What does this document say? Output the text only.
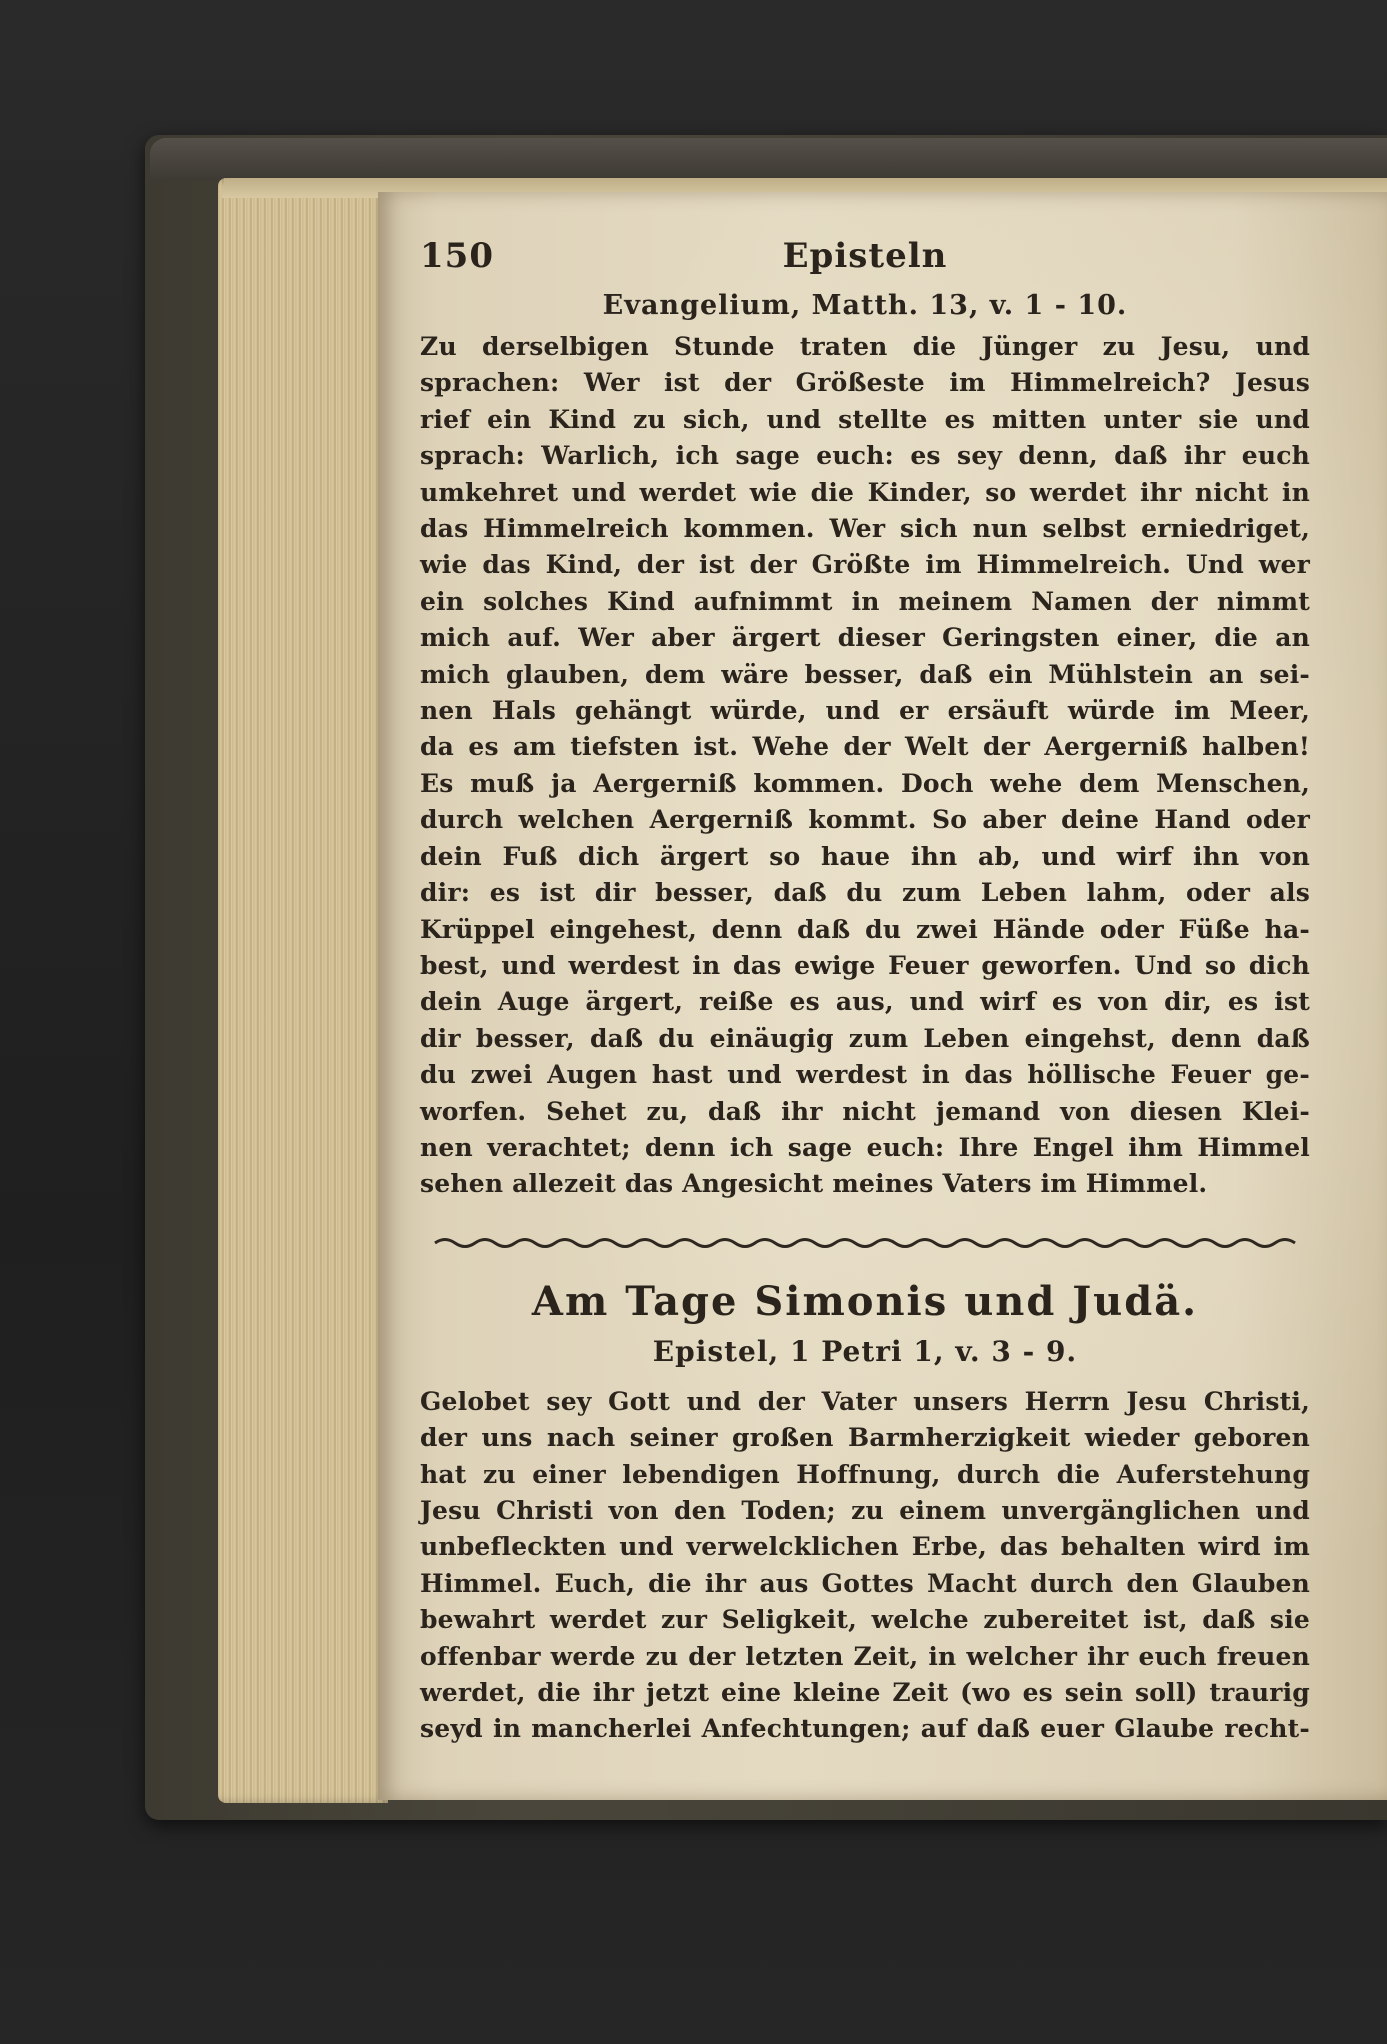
150	Episteln
Evangelium, Matth. 13, v. 1 - 10.
Zu derselbigen Stunde traten die Jünger zu Jesu, und
sprachen: Wer ist der Größeste im Himmelreich? Jesus
rief ein Kind zu sich, und stellte es mitten unter sie und
sprach: Warlich, ich sage euch: es sey denn, daß ihr euch
umkehret und werdet wie die Kinder, so werdet ihr nicht in
das Himmelreich kommen. Wer sich nun selbst erniedriget,
wie das Kind, der ist der Größte im Himmelreich. Und wer
ein solches Kind aufnimmt in meinem Namen der nimmt
mich auf. Wer aber ärgert dieser Geringsten einer, die an
mich glauben, dem wäre besser, daß ein Mühlstein an sei-
nen Hals gehängt würde, und er ersäuft würde im Meer,
da es am tiefsten ist. Wehe der Welt der Aergerniß halben!
Es muß ja Aergerniß kommen. Doch wehe dem Menschen,
durch welchen Aergerniß kommt. So aber deine Hand oder
dein Fuß dich ärgert so haue ihn ab, und wirf ihn von
dir: es ist dir besser, daß du zum Leben lahm, oder als
Krüppel eingehest, denn daß du zwei Hände oder Füße ha-
best, und werdest in das ewige Feuer geworfen. Und so dich
dein Auge ärgert, reiße es aus, und wirf es von dir, es ist
dir besser, daß du einäugig zum Leben eingehst, denn daß
du zwei Augen hast und werdest in das höllische Feuer ge-
worfen. Sehet zu, daß ihr nicht jemand von diesen Klei-
nen verachtet; denn ich sage euch: Ihre Engel ihm Himmel
sehen allezeit das Angesicht meines Vaters im Himmel.
Am Tage Simonis und Judä.
Epistel, 1 Petri 1, v. 3 - 9.
Gelobet sey Gott und der Vater unsers Herrn Jesu Christi,
der uns nach seiner großen Barmherzigkeit wieder geboren
hat zu einer lebendigen Hoffnung, durch die Auferstehung
Jesu Christi von den Toden; zu einem unvergänglichen und
unbefleckten und verwelcklichen Erbe, das behalten wird im
Himmel. Euch, die ihr aus Gottes Macht durch den Glauben
bewahrt werdet zur Seligkeit, welche zubereitet ist, daß sie
offenbar werde zu der letzten Zeit, in welcher ihr euch freuen
werdet, die ihr jetzt eine kleine Zeit (wo es sein soll) traurig
seyd in mancherlei Anfechtungen; auf daß euer Glaube recht-
